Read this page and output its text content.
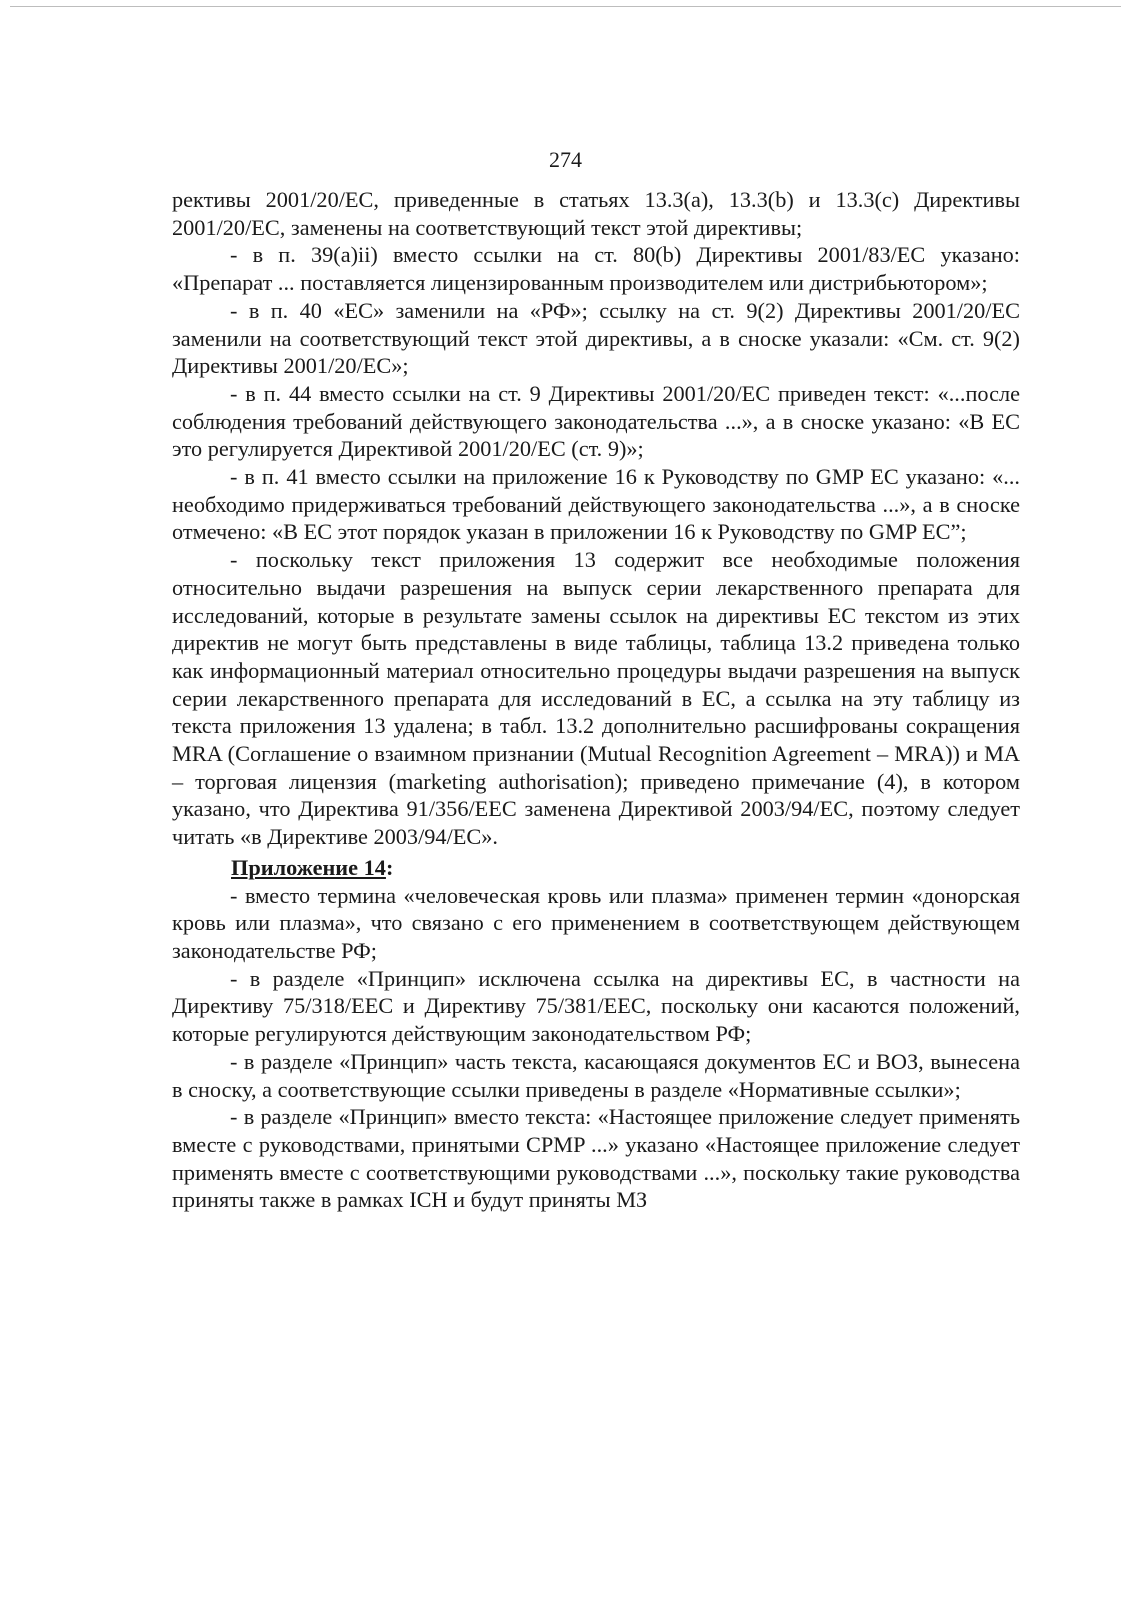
274

рективы 2001/20/ЕС, приведенные в статьях 13.3(a), 13.3(b) и 13.3(c) Директивы 2001/20/ЕС, заменены на соответствующий текст этой директивы;

- в п. 39(a)ii) вместо ссылки на ст. 80(b) Директивы 2001/83/ЕС указано: «Препарат ... поставляется лицензированным производителем или дистрибьютором»;

- в п. 40 «ЕС» заменили на «РФ»; ссылку на ст. 9(2) Директивы 2001/20/ЕС заменили на соответствующий текст этой директивы, а в сноске указали: «См. ст. 9(2) Директивы 2001/20/ЕС»;

- в п. 44 вместо ссылки на ст. 9 Директивы 2001/20/ЕС приведен текст: «...после соблюдения требований действующего законодательства ...», а в сноске указано: «В ЕС это регулируется Директивой 2001/20/ЕС (ст. 9)»;

- в п. 41 вместо ссылки на приложение 16 к Руководству по GMP ЕС указано: «... необходимо придерживаться требований действующего законодательства ...», а в сноске отмечено: «В ЕС этот порядок указан в приложении 16 к Руководству по GMP ЕС”;

- поскольку текст приложения 13 содержит все необходимые положения относительно выдачи разрешения на выпуск серии лекарственного препарата для исследований, которые в результате замены ссылок на директивы ЕС текстом из этих директив не могут быть представлены в виде таблицы, таблица 13.2 приведена только как информационный материал относительно процедуры выдачи разрешения на выпуск серии лекарственного препарата для исследований в ЕС, а ссылка на эту таблицу из текста приложения 13 удалена; в табл. 13.2 дополнительно расшифрованы сокращения MRA (Соглашение о взаимном признании (Mutual Recognition Agreement – MRA)) и MA – торговая лицензия (marketing authorisation); приведено примечание (4), в котором указано, что Директива 91/356/ЕЕС заменена Директивой 2003/94/ЕС, поэтому следует читать «в Директиве 2003/94/ЕС».

Приложение 14:

- вместо термина «человеческая кровь или плазма» применен термин «донорская кровь или плазма», что связано с его применением в соответствующем действующем законодательстве РФ;

- в разделе «Принцип» исключена ссылка на директивы ЕС, в частности на Директиву 75/318/ЕЕС и Директиву 75/381/ЕЕС, поскольку они касаются положений, которые регулируются действующим законодательством РФ;

- в разделе «Принцип» часть текста, касающаяся документов ЕС и ВОЗ, вынесена в сноску, а соответствующие ссылки приведены в разделе «Нормативные ссылки»;

- в разделе «Принцип» вместо текста: «Настоящее приложение следует применять вместе с руководствами, принятыми CPMP ...» указано «Настоящее приложение следует применять вместе с соответствующими руководствами ...», поскольку такие руководства приняты также в рамках ICH и будут приняты МЗ
